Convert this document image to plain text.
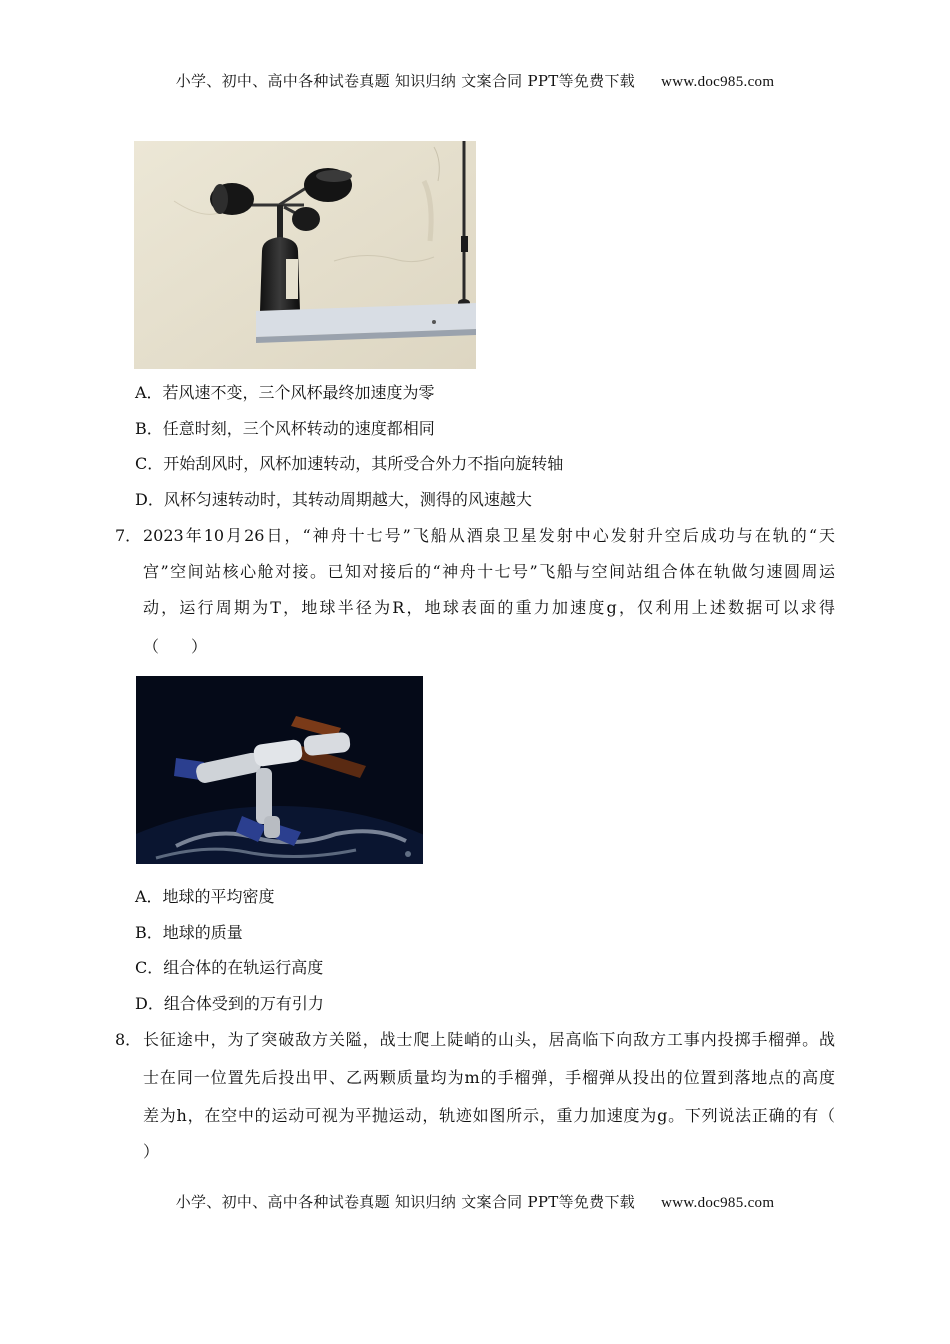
小学、初中、高中各种试卷真题 知识归纳 文案合同 PPT等免费下载 www.doc985.com
A．若风速不变，三个风杯最终加速度为零
B．任意时刻，三个风杯转动的速度都相同
C．开始刮风时，风杯加速转动，其所受合外力不指向旋转轴
D．风杯匀速转动时，其转动周期越大，测得的风速越大
7． 2023年10月26日，“神舟十七号”飞船从酒泉卫星发射中心发射升空后成功与在轨的“天
宫”空间站核心舱对接。已知对接后的“神舟十七号”飞船与空间站组合体在轨做匀速圆周运
动，运行周期为T，地球半径为R，地球表面的重力加速度g，仅利用上述数据可以求得
（　　）
A．地球的平均密度
B．地球的质量
C．组合体的在轨运行高度
D．组合体受到的万有引力
8． 长征途中，为了突破敌方关隘，战士爬上陡峭的山头，居高临下向敌方工事内投掷手榴弹。战
士在同一位置先后投出甲、乙两颗质量均为m的手榴弹，手榴弹从投出的位置到落地点的高度
差为h，在空中的运动可视为平抛运动，轨迹如图所示，重力加速度为g。下列说法正确的有（
）
小学、初中、高中各种试卷真题 知识归纳 文案合同 PPT等免费下载 www.doc985.com
